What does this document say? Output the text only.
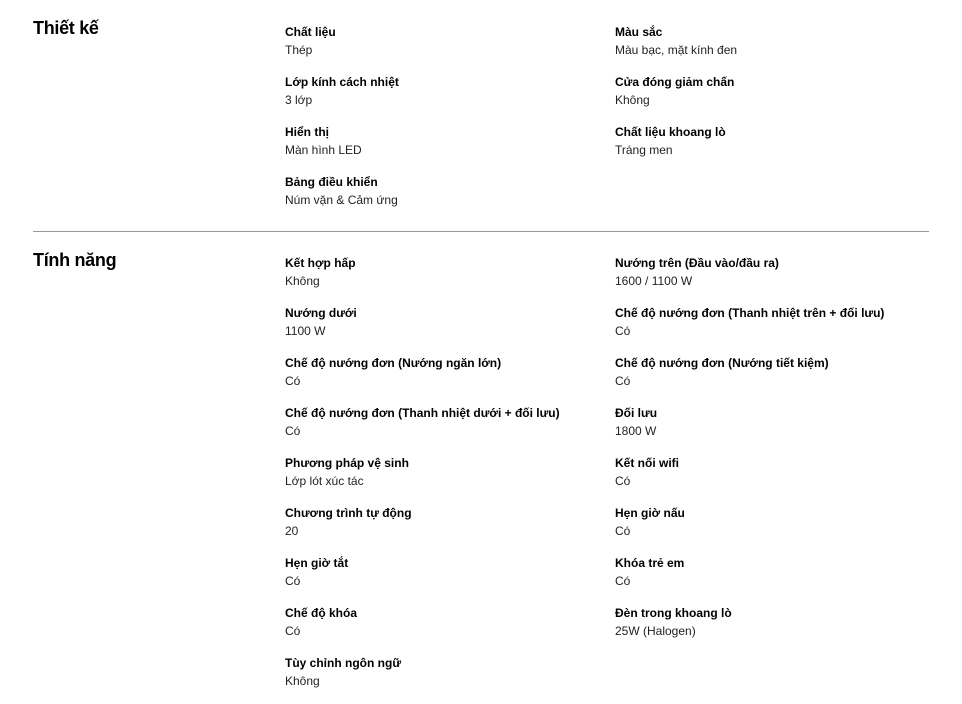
Thiết kế	Chất liệu
Thép
Lớp kính cách nhiệt
3 lớp
Hiển thị
Màn hình LED
Bảng điều khiển
Núm vặn & Cảm ứng
Màu sắc
Màu bạc, mặt kính đen
Cửa đóng giảm chấn
Không
Chất liệu khoang lò
Tráng men
Tính năng	Kết hợp hấp
Không
Nướng dưới
1100 W
Chế độ nướng đơn (Nướng ngăn lớn)
Có
Chế độ nướng đơn (Thanh nhiệt dưới + đối lưu)
Có
Phương pháp vệ sinh
Lớp lót xúc tác
Chương trình tự động
20
Hẹn giờ tắt
Có
Chế độ khóa
Có
Tùy chỉnh ngôn ngữ
Không
Nướng trên (Đầu vào/đầu ra)
1600 / 1100 W
Chế độ nướng đơn (Thanh nhiệt trên + đối lưu)
Có
Chế độ nướng đơn (Nướng tiết kiệm)
Có
Đối lưu
1800 W
Kết nối wifi
Có
Hẹn giờ nấu
Có
Khóa trẻ em
Có
Đèn trong khoang lò
25W (Halogen)
